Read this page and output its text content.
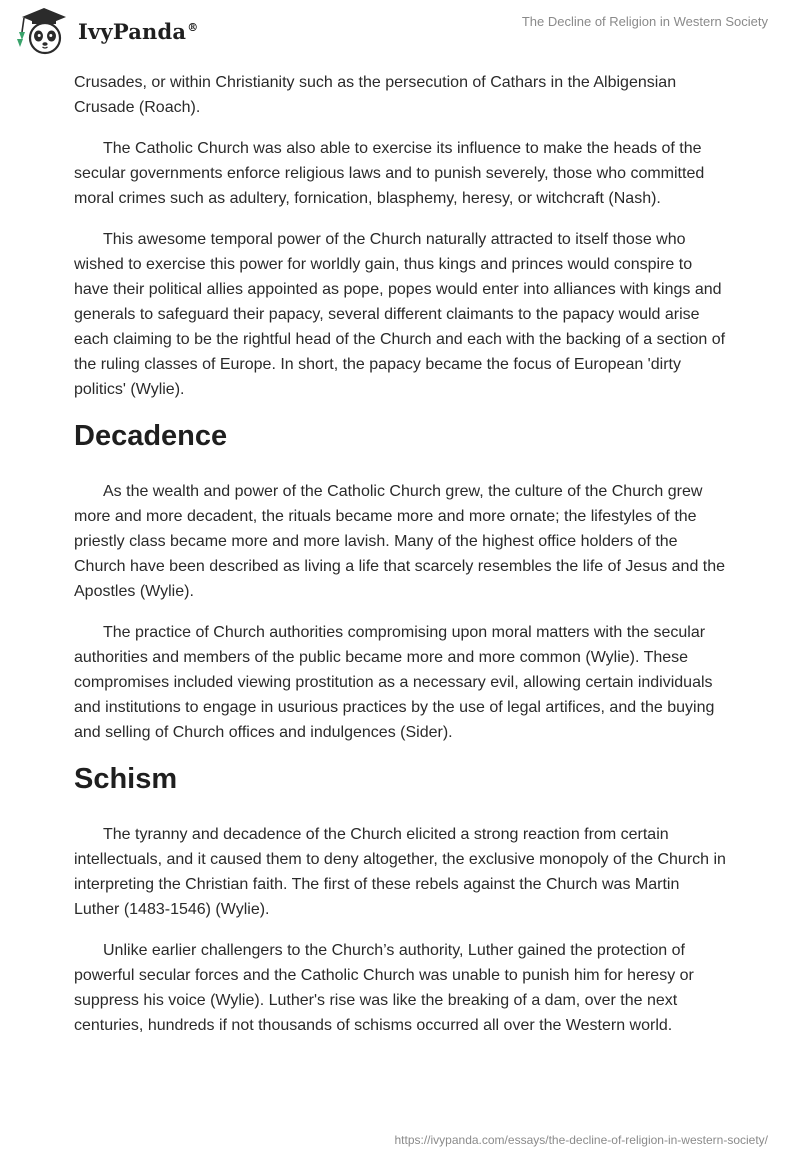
IvyPanda®	The Decline of Religion in Western Society

Crusades, or within Christianity such as the persecution of Cathars in the Albigensian Crusade (Roach).

The Catholic Church was also able to exercise its influence to make the heads of the secular governments enforce religious laws and to punish severely, those who committed moral crimes such as adultery, fornication, blasphemy, heresy, or witchcraft (Nash).

This awesome temporal power of the Church naturally attracted to itself those who wished to exercise this power for worldly gain, thus kings and princes would conspire to have their political allies appointed as pope, popes would enter into alliances with kings and generals to safeguard their papacy, several different claimants to the papacy would arise each claiming to be the rightful head of the Church and each with the backing of a section of the ruling classes of Europe. In short, the papacy became the focus of European 'dirty politics' (Wylie).

Decadence

As the wealth and power of the Catholic Church grew, the culture of the Church grew more and more decadent, the rituals became more and more ornate; the lifestyles of the priestly class became more and more lavish. Many of the highest office holders of the Church have been described as living a life that scarcely resembles the life of Jesus and the Apostles (Wylie).

The practice of Church authorities compromising upon moral matters with the secular authorities and members of the public became more and more common (Wylie). These compromises included viewing prostitution as a necessary evil, allowing certain individuals and institutions to engage in usurious practices by the use of legal artifices, and the buying and selling of Church offices and indulgences (Sider).

Schism

The tyranny and decadence of the Church elicited a strong reaction from certain intellectuals, and it caused them to deny altogether, the exclusive monopoly of the Church in interpreting the Christian faith. The first of these rebels against the Church was Martin Luther (1483-1546) (Wylie).

Unlike earlier challengers to the Church’s authority, Luther gained the protection of powerful secular forces and the Catholic Church was unable to punish him for heresy or suppress his voice (Wylie). Luther's rise was like the breaking of a dam, over the next centuries, hundreds if not thousands of schisms occurred all over the Western world.

https://ivypanda.com/essays/the-decline-of-religion-in-western-society/
